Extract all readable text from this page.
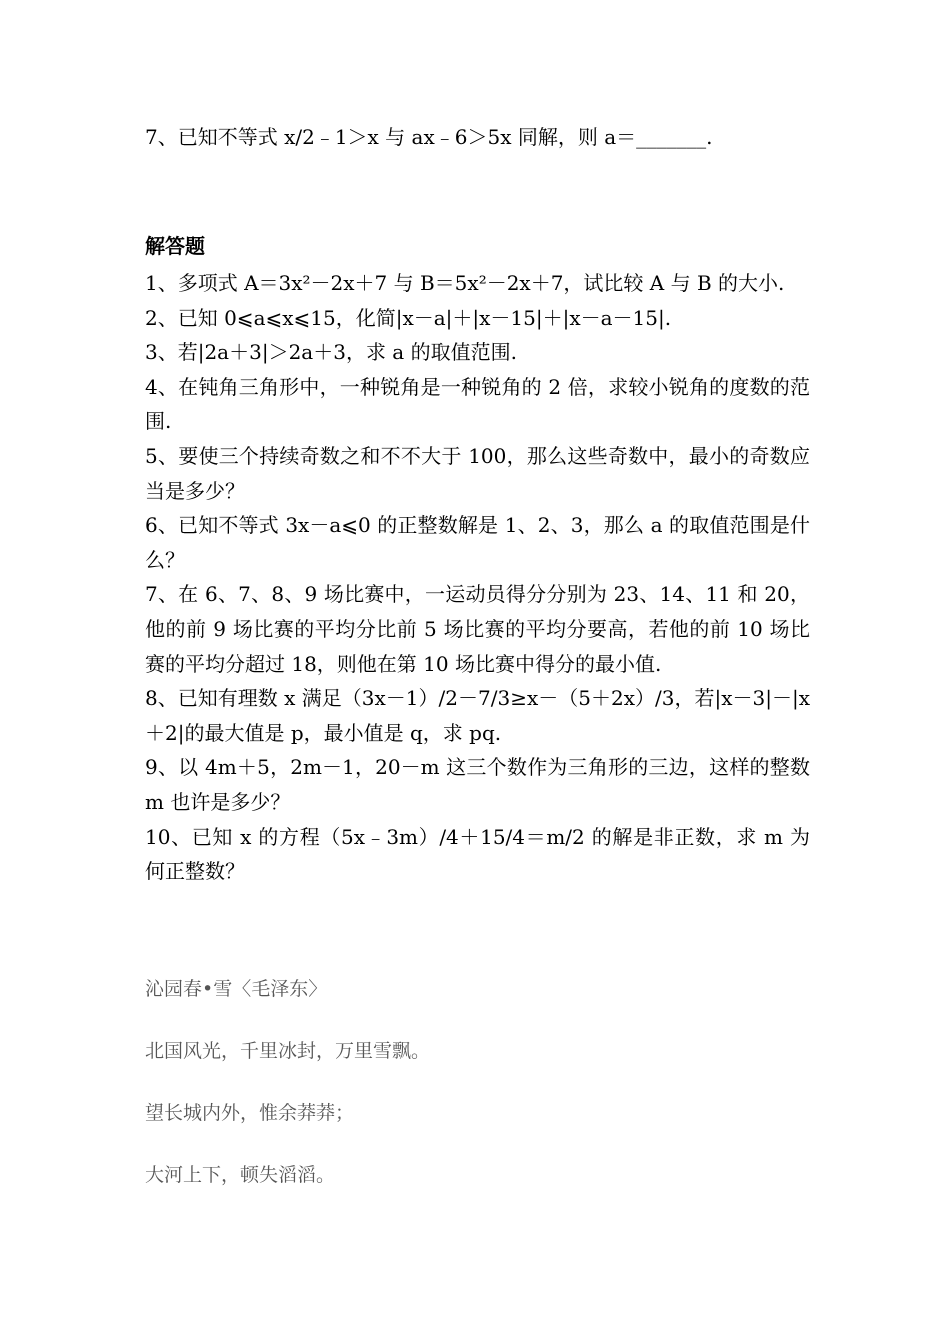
7、已知不等式 x/2﹣1＞x 与 ax﹣6＞5x 同解，则 a＝_______.
解答题
1、多项式 A＝3x²－2x＋7 与 B＝5x²－2x＋7，试比较 A 与 B 的大小.
2、已知 0⩽a⩽x⩽15，化简|x－a|＋|x－15|＋|x－a－15|.
3、若|2a＋3|＞2a＋3，求 a 的取值范围.
4、在钝角三角形中，一种锐角是一种锐角的 2 倍，求较小锐角的度数的范围.
5、要使三个持续奇数之和不不大于 100，那么这些奇数中，最小的奇数应当是多少？
6、已知不等式 3x－a⩽0 的正整数解是 1、2、3，那么 a 的取值范围是什么？
7、在 6、7、8、9 场比赛中，一运动员得分分别为 23、14、11 和 20，他的前 9 场比赛的平均分比前 5 场比赛的平均分要高，若他的前 10 场比赛的平均分超过 18，则他在第 10 场比赛中得分的最小值.
8、已知有理数 x 满足（3x－1）/2－7/3≥x－（5＋2x）/3，若|x－3|－|x＋2|的最大值是 p，最小值是 q，求 pq.
9、以 4m＋5，2m－1，20－m 这三个数作为三角形的三边，这样的整数 m 也许是多少？
10、已知 x 的方程（5x﹣3m）/4＋15/4＝m/2 的解是非正数，求 m 为何正整数？
沁园春•雪〈毛泽东〉
北国风光，千里冰封，万里雪飘。
望长城内外，惟余莽莽；
大河上下，顿失滔滔。
